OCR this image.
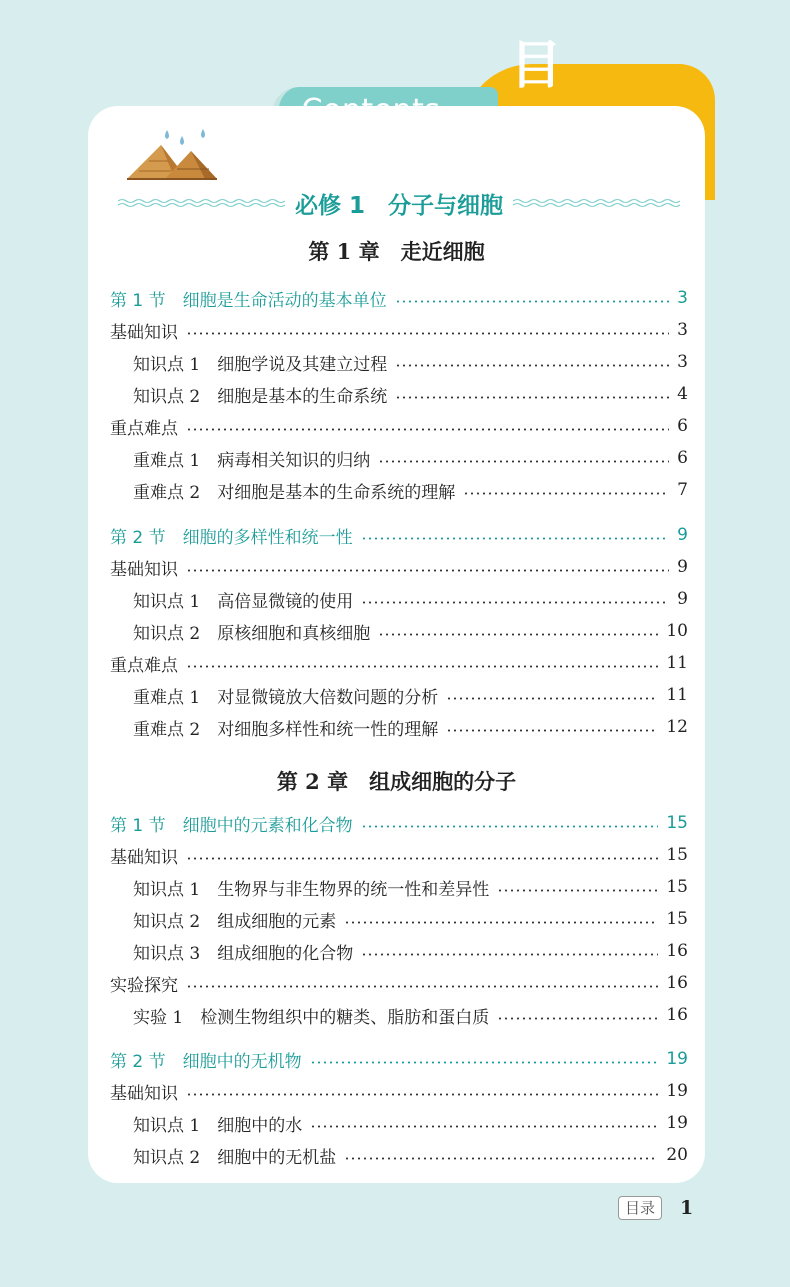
Contents
目
必修 1　分子与细胞
第 1 章　走近细胞
第 1 节　细胞是生命活动的基本单位	3
基础知识	3
知识点 1　细胞学说及其建立过程	3
知识点 2　细胞是基本的生命系统	4
重点难点	6
重难点 1　病毒相关知识的归纳	6
重难点 2　对细胞是基本的生命系统的理解	7
第 2 节　细胞的多样性和统一性	9
基础知识	9
知识点 1　高倍显微镜的使用	9
知识点 2　原核细胞和真核细胞	10
重点难点	11
重难点 1　对显微镜放大倍数问题的分析	11
重难点 2　对细胞多样性和统一性的理解	12
第 2 章　组成细胞的分子
第 1 节　细胞中的元素和化合物	15
基础知识	15
知识点 1　生物界与非生物界的统一性和差异性	15
知识点 2　组成细胞的元素	15
知识点 3　组成细胞的化合物	16
实验探究	16
实验 1　检测生物组织中的糖类、脂肪和蛋白质	16
第 2 节　细胞中的无机物	19
基础知识	19
知识点 1　细胞中的水	19
知识点 2　细胞中的无机盐	20
目录	1
